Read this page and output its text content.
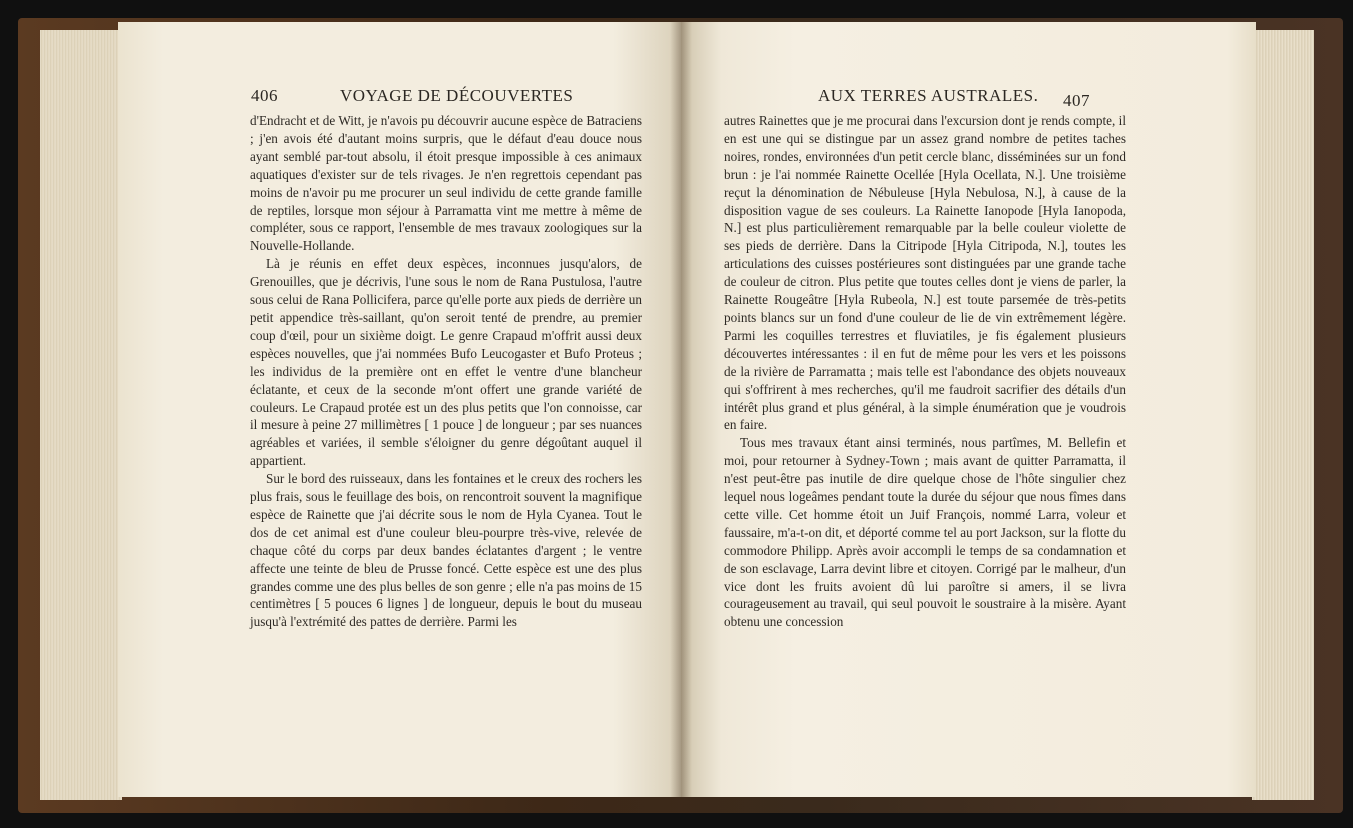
406	VOYAGE DE DÉCOUVERTES	AUX TERRES AUSTRALES. 407

d'Endracht et de Witt, je n'avois pu découvrir aucune espèce de Batraciens ; j'en avois été d'autant moins surpris, que le défaut d'eau douce nous ayant semblé par-tout absolu, il étoit presque impossible à ces animaux aquatiques d'exister sur de tels rivages. Je n'en regrettois cependant pas moins de n'avoir pu me procurer un seul individu de cette grande famille de reptiles, lorsque mon séjour à Parramatta vint me mettre à même de compléter, sous ce rapport, l'ensemble de mes travaux zoologiques sur la Nouvelle-Hollande.

Là je réunis en effet deux espèces, inconnues jusqu'alors, de Grenouilles, que je décrivis, l'une sous le nom de Rana Pustulosa, l'autre sous celui de Rana Pollicifera, parce qu'elle porte aux pieds de derrière un petit appendice très-saillant, qu'on seroit tenté de prendre, au premier coup d'œil, pour un sixième doigt. Le genre Crapaud m'offrit aussi deux espèces nouvelles, que j'ai nommées Bufo Leucogaster et Bufo Proteus ; les individus de la première ont en effet le ventre d'une blancheur éclatante, et ceux de la seconde m'ont offert une grande variété de couleurs. Le Crapaud protée est un des plus petits que l'on connoisse, car il mesure à peine 27 millimètres [ 1 pouce ] de longueur ; par ses nuances agréables et variées, il semble s'éloigner du genre dégoûtant auquel il appartient.

Sur le bord des ruisseaux, dans les fontaines et le creux des rochers les plus frais, sous le feuillage des bois, on rencontroit souvent la magnifique espèce de Rainette que j'ai décrite sous le nom de Hyla Cyanea. Tout le dos de cet animal est d'une couleur bleu-pourpre très-vive, relevée de chaque côté du corps par deux bandes éclatantes d'argent ; le ventre affecte une teinte de bleu de Prusse foncé. Cette espèce est une des plus grandes comme une des plus belles de son genre ; elle n'a pas moins de 15 centimètres [ 5 pouces 6 lignes ] de longueur, depuis le bout du museau jusqu'à l'extrémité des pattes de derrière. Parmi les

autres Rainettes que je me procurai dans l'excursion dont je rends compte, il en est une qui se distingue par un assez grand nombre de petites taches noires, rondes, environnées d'un petit cercle blanc, disséminées sur un fond brun : je l'ai nommée Rainette Ocellée [Hyla Ocellata, N.]. Une troisième reçut la dénomination de Nébuleuse [Hyla Nebulosa, N.], à cause de la disposition vague de ses couleurs. La Rainette Ianopode [Hyla Ianopoda, N.] est plus particulièrement remarquable par la belle couleur violette de ses pieds de derrière. Dans la Citripode [Hyla Citripoda, N.], toutes les articulations des cuisses postérieures sont distinguées par une grande tache de couleur de citron. Plus petite que toutes celles dont je viens de parler, la Rainette Rougeâtre [Hyla Rubeola, N.] est toute parsemée de très-petits points blancs sur un fond d'une couleur de lie de vin extrêmement légère. Parmi les coquilles terrestres et fluviatiles, je fis également plusieurs découvertes intéressantes : il en fut de même pour les vers et les poissons de la rivière de Parramatta ; mais telle est l'abondance des objets nouveaux qui s'offrirent à mes recherches, qu'il me faudroit sacrifier des détails d'un intérêt plus grand et plus général, à la simple énumération que je voudrois en faire.

Tous mes travaux étant ainsi terminés, nous partîmes, M. Bellefin et moi, pour retourner à Sydney-Town ; mais avant de quitter Parramatta, il n'est peut-être pas inutile de dire quelque chose de l'hôte singulier chez lequel nous logeâmes pendant toute la durée du séjour que nous fîmes dans cette ville. Cet homme étoit un Juif François, nommé Larra, voleur et faussaire, m'a-t-on dit, et déporté comme tel au port Jackson, sur la flotte du commodore Philipp. Après avoir accompli le temps de sa condamnation et de son esclavage, Larra devint libre et citoyen. Corrigé par le malheur, d'un vice dont les fruits avoient dû lui paroître si amers, il se livra courageusement au travail, qui seul pouvoit le soustraire à la misère. Ayant obtenu une concession
